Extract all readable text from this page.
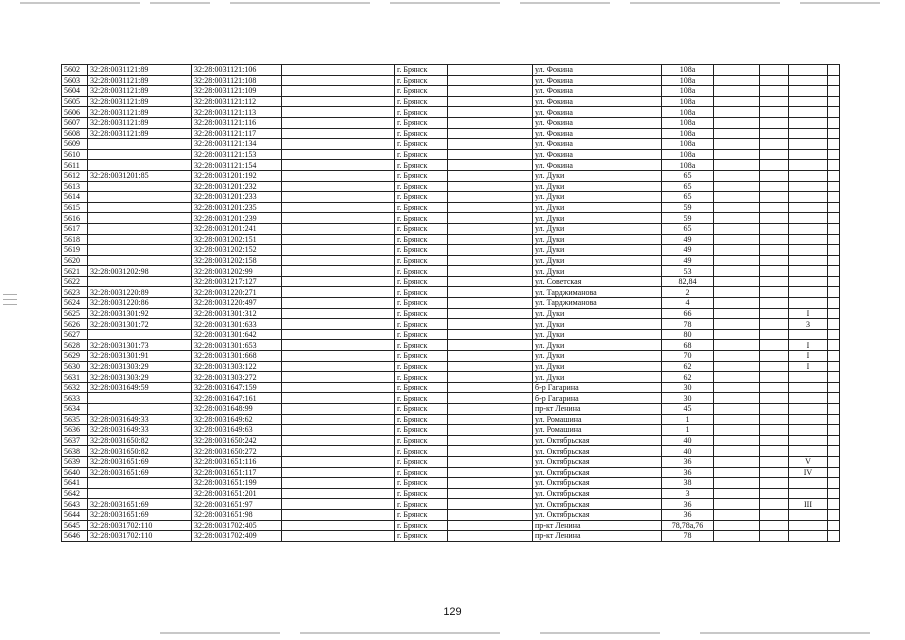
5602	32:28:0031121:89	32:28:0031121:106		г. Брянск		ул. Фокина	108а				
5603	32:28:0031121:89	32:28:0031121:108		г. Брянск		ул. Фокина	108а				
5604	32:28:0031121:89	32:28:0031121:109		г. Брянск		ул. Фокина	108а				
5605	32:28:0031121:89	32:28:0031121:112		г. Брянск		ул. Фокина	108а				
5606	32:28:0031121:89	32:28:0031121:113		г. Брянск		ул. Фокина	108а				
5607	32:28:0031121:89	32:28:0031121:116		г. Брянск		ул. Фокина	108а				
5608	32:28:0031121:89	32:28:0031121:117		г. Брянск		ул. Фокина	108а				
5609		32:28:0031121:134		г. Брянск		ул. Фокина	108а				
5610		32:28:0031121:153		г. Брянск		ул. Фокина	108а				
5611		32:28:0031121:154		г. Брянск		ул. Фокина	108а				
5612	32:28:0031201:85	32:28:0031201:192		г. Брянск		ул. Дуки	65				
5613		32:28:0031201:232		г. Брянск		ул. Дуки	65				
5614		32:28:0031201:233		г. Брянск		ул. Дуки	65				
5615		32:28:0031201:235		г. Брянск		ул. Дуки	59				
5616		32:28:0031201:239		г. Брянск		ул. Дуки	59				
5617		32:28:0031201:241		г. Брянск		ул. Дуки	65				
5618		32:28:0031202:151		г. Брянск		ул. Дуки	49				
5619		32:28:0031202:152		г. Брянск		ул. Дуки	49				
5620		32:28:0031202:158		г. Брянск		ул. Дуки	49				
5621	32:28:0031202:98	32:28:0031202:99		г. Брянск		ул. Дуки	53				
5622		32:28:0031217:127		г. Брянск		ул. Советская	82,84				
5623	32:28:0031220:89	32:28:0031220:271		г. Брянск		ул. Тарджиманова	2				
5624	32:28:0031220:86	32:28:0031220:497		г. Брянск		ул. Тарджиманова	4				
5625	32:28:0031301:92	32:28:0031301:312		г. Брянск		ул. Дуки	66			I	
5626	32:28:0031301:72	32:28:0031301:633		г. Брянск		ул. Дуки	78			3	
5627		32:28:0031301:642		г. Брянск		ул. Дуки	80				
5628	32:28:0031301:73	32:28:0031301:653		г. Брянск		ул. Дуки	68			I	
5629	32:28:0031301:91	32:28:0031301:668		г. Брянск		ул. Дуки	70			I	
5630	32:28:0031303:29	32:28:0031303:122		г. Брянск		ул. Дуки	62			I	
5631	32:28:0031303:29	32:28:0031303:272		г. Брянск		ул. Дуки	62				
5632	32:28:0031649:59	32:28:0031647:159		г. Брянск		б-р Гагарина	30				
5633		32:28:0031647:161		г. Брянск		б-р Гагарина	30				
5634		32:28:0031648:99		г. Брянск		пр-кт Ленина	45				
5635	32:28:0031649:33	32:28:0031649:62		г. Брянск		ул. Ромашина	1				
5636	32:28:0031649:33	32:28:0031649:63		г. Брянск		ул. Ромашина	1				
5637	32:28:0031650:82	32:28:0031650:242		г. Брянск		ул. Октябрьская	40				
5638	32:28:0031650:82	32:28:0031650:272		г. Брянск		ул. Октябрьская	40				
5639	32:28:0031651:69	32:28:0031651:116		г. Брянск		ул. Октябрьская	36			V	
5640	32:28:0031651:69	32:28:0031651:117		г. Брянск		ул. Октябрьская	36			IV	
5641		32:28:0031651:199		г. Брянск		ул. Октябрьская	38				
5642		32:28:0031651:201		г. Брянск		ул. Октябрьская	3				
5643	32:28:0031651:69	32:28:0031651:97		г. Брянск		ул. Октябрьская	36			III	
5644	32:28:0031651:69	32:28:0031651:98		г. Брянск		ул. Октябрьская	36				
5645	32:28:0031702:110	32:28:0031702:405		г. Брянск		пр-кт Ленина	78,78а,76				
5646	32:28:0031702:110	32:28:0031702:409		г. Брянск		пр-кт Ленина	78				
129
